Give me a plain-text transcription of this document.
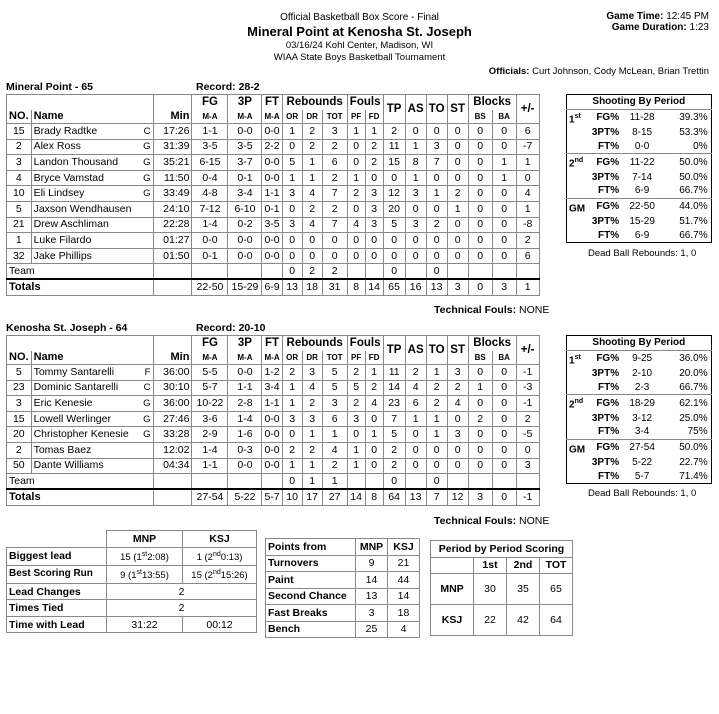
Official Basketball Box Score - Final
Mineral Point at Kenosha St. Joseph
03/16/24 Kohl Center, Madison, WI
WIAA State Boys Basketball Tournament
Game Time: 12:45 PM
Game Duration: 1:23
Officials: Curt Johnson, Cody McLean, Brian Trettin
Mineral Point - 65	Record: 28-2
				FG	3P	FT	Rebounds			Fouls		TP	AS	TO	ST	Blocks		+/-
NO.	Name		Min	M-A	M-A	M-A	OR	DR	TOT	PF	FD					BS	BA	
15	Brady Radtke	C	17:26	1-1	0-0	0-0	1	2	3	1	1	2	0	0	0	0	0	6
2	Alex Ross	G	31:39	3-5	3-5	2-2	0	2	2	0	2	11	1	3	0	0	0	-7
3	Landon Thousand	G	35:21	6-15	3-7	0-0	5	1	6	0	2	15	8	7	0	0	1	1
4	Bryce Vamstad	G	11:50	0-4	0-1	0-0	1	1	2	1	0	0	1	0	0	0	1	0
10	Eli Lindsey	G	33:49	4-8	3-4	1-1	3	4	7	2	3	12	3	1	2	0	0	4
5	Jaxson Wendhausen		24:10	7-12	6-10	0-1	0	2	2	0	3	20	0	0	1	0	0	1
21	Drew Aschliman		22:28	1-4	0-2	3-5	3	4	7	4	3	5	3	2	0	0	0	-8
1	Luke Filardo		01:27	0-0	0-0	0-0	0	0	0	0	0	0	0	0	0	0	0	2
32	Jake Phillips		01:50	0-1	0-0	0-0	0	0	0	0	0	0	0	0	0	0	0	6
Team							0	2	2			0		0				
Totals				22-50	15-29	6-9	13	18	31	8	14	65	16	13	3	0	3	1
Shooting By Period			
1st	FG%	11-28	39.3%
	3PT%	8-15	53.3%
	FT%	0-0	0%
2nd	FG%	11-22	50.0%
	3PT%	7-14	50.0%
	FT%	6-9	66.7%
GM	FG%	22-50	44.0%
	3PT%	15-29	51.7%
	FT%	6-9	66.7%
Dead Ball Rebounds: 1, 0
Technical Fouls: NONE
Kenosha St. Joseph - 64	Record: 20-10
				FG	3P	FT	Rebounds			Fouls		TP	AS	TO	ST	Blocks		+/-
NO.	Name		Min	M-A	M-A	M-A	OR	DR	TOT	PF	FD					BS	BA	
5	Tommy Santarelli	F	36:00	5-5	0-0	1-2	2	3	5	2	1	11	2	1	3	0	0	-1
23	Dominic Santarelli	C	30:10	5-7	1-1	3-4	1	4	5	5	2	14	4	2	2	1	0	-3
3	Eric Kenesie	G	36:00	10-22	2-8	1-1	1	2	3	2	4	23	6	2	4	0	0	-1
15	Lowell Werlinger	G	27:46	3-6	1-4	0-0	3	3	6	3	0	7	1	1	0	2	0	2
20	Christopher Kenesie	G	33:28	2-9	1-6	0-0	0	1	1	0	1	5	0	1	3	0	0	-5
2	Tomas Baez		12:02	1-4	0-3	0-0	2	2	4	1	0	2	0	0	0	0	0	0
50	Dante Williams		04:34	1-1	0-0	0-0	1	1	2	1	0	2	0	0	0	0	0	3
Team							0	1	1			0		0				
Totals				27-54	5-22	5-7	10	17	27	14	8	64	13	7	12	3	0	-1
Shooting By Period			
1st	FG%	9-25	36.0%
	3PT%	2-10	20.0%
	FT%	2-3	66.7%
2nd	FG%	18-29	62.1%
	3PT%	3-12	25.0%
	FT%	3-4	75%
GM	FG%	27-54	50.0%
	3PT%	5-22	22.7%
	FT%	5-7	71.4%
Dead Ball Rebounds: 1, 0
Technical Fouls: NONE
	MNP	KSJ
Biggest lead	15 (1st2:08)	1 (2nd0:13)
Best Scoring Run	9 (1st13:55)	15 (2nd15:26)
Lead Changes	2	
Times Tied	2	
Time with Lead	31:22	00:12
Points from	MNP	KSJ
Turnovers	9	21
Paint	14	44
Second Chance	13	14
Fast Breaks	3	18
Bench	25	4
Period by Period Scoring			
	1st	2nd	TOT
MNP	30	35	65
KSJ	22	42	64
